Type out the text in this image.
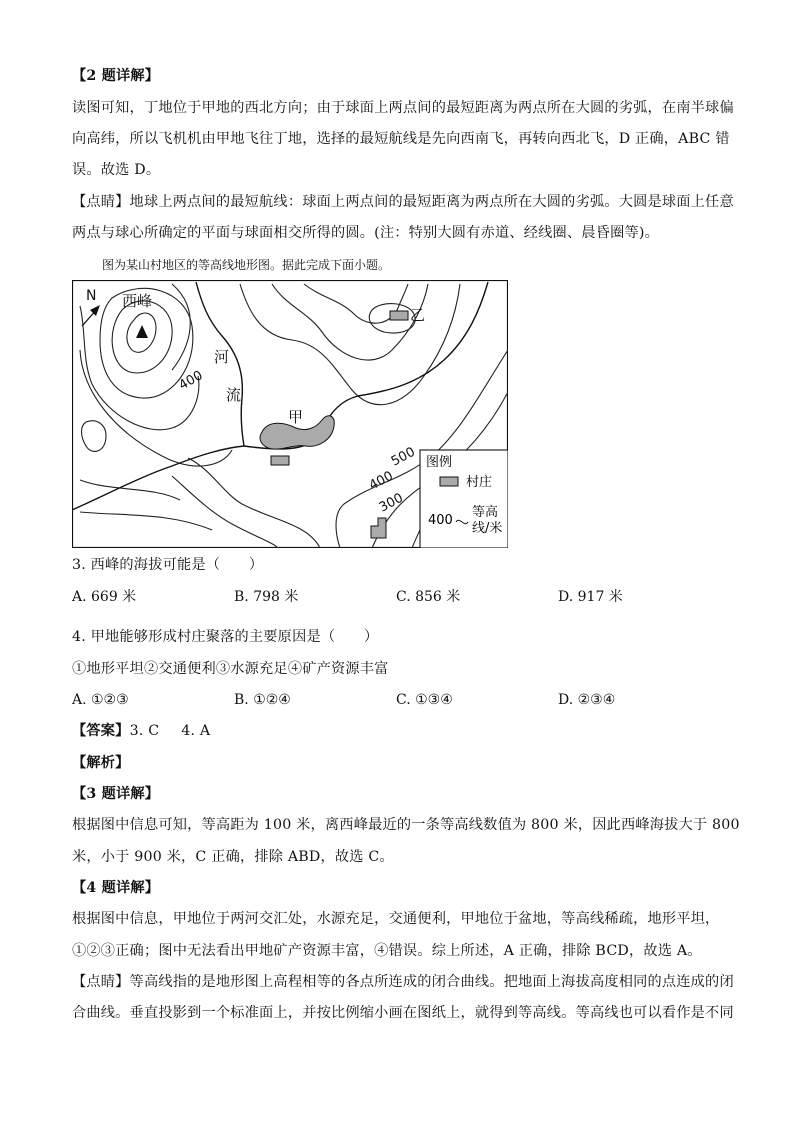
【2 题详解】
读图可知，丁地位于甲地的西北方向；由于球面上两点间的最短距离为两点所在大圆的劣弧，在南半球偏
向高纬，所以飞机机由甲地飞往丁地，选择的最短航线是先向西南飞，再转向西北飞，D 正确，ABC 错
误。故选 D。
【点睛】地球上两点间的最短航线：球面上两点间的最短距离为两点所在大圆的劣弧。大圆是球面上任意
两点与球心所确定的平面与球面相交所得的圆。(注：特别大圆有赤道、经线圈、晨昏圈等)。
图为某山村地区的等高线地形图。据此完成下面小题。
图例
村庄
400
等高
线/米
N 西峰
河
流
甲
乙
400
500
400
300
3. 西峰的海拔可能是（　　）
A. 669 米	B. 798 米	C. 856 米	D. 917 米
4. 甲地能够形成村庄聚落的主要原因是（　　）
①地形平坦②交通便利③水源充足④矿产资源丰富
A. ①②③	B. ①②④	C. ①③④	D. ②③④
【答案】3. C 4. A
【解析】
【3 题详解】
根据图中信息可知，等高距为 100 米，离西峰最近的一条等高线数值为 800 米，因此西峰海拔大于 800
米，小于 900 米，C 正确，排除 ABD，故选 C。
【4 题详解】
根据图中信息，甲地位于两河交汇处，水源充足，交通便利，甲地位于盆地，等高线稀疏，地形平坦，
①②③正确；图中无法看出甲地矿产资源丰富，④错误。综上所述，A 正确，排除 BCD，故选 A。
【点睛】等高线指的是地形图上高程相等的各点所连成的闭合曲线。把地面上海拔高度相同的点连成的闭
合曲线。垂直投影到一个标准面上，并按比例缩小画在图纸上，就得到等高线。等高线也可以看作是不同
